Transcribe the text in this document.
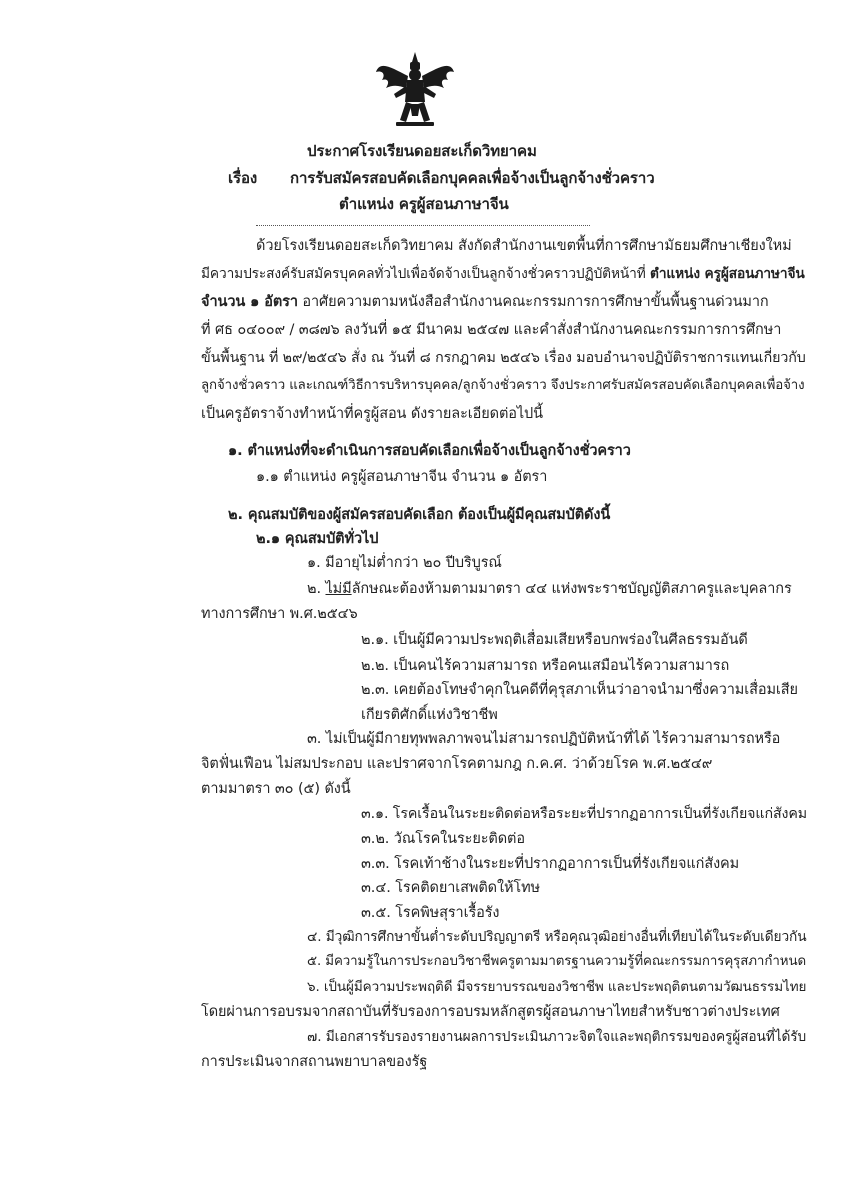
ประกาศโรงเรียนดอยสะเก็ดวิทยาคม
เรื่อง การรับสมัครสอบคัดเลือกบุคคลเพื่อจ้างเป็นลูกจ้างชั่วคราว
ตำแหน่ง ครูผู้สอนภาษาจีน
ด้วยโรงเรียนดอยสะเก็ดวิทยาคม สังกัดสำนักงานเขตพื้นที่การศึกษามัธยมศึกษาเชียงใหม่
มีความประสงค์รับสมัครบุคคลทั่วไปเพื่อจัดจ้างเป็นลูกจ้างชั่วคราวปฏิบัติหน้าที่ ตำแหน่ง ครูผู้สอนภาษาจีน
จำนวน ๑ อัตรา อาศัยความตามหนังสือสำนักงานคณะกรรมการการศึกษาขั้นพื้นฐานด่วนมาก
ที่ ศธ ๐๔๐๐๙ / ๓๘๗๖ ลงวันที่ ๑๕ มีนาคม ๒๕๔๗ และคำสั่งสำนักงานคณะกรรมการการศึกษา
ขั้นพื้นฐาน ที่ ๒๙/๒๕๔๖ สั่ง ณ วันที่ ๘ กรกฎาคม ๒๕๔๖ เรื่อง มอบอำนาจปฏิบัติราชการแทนเกี่ยวกับ
ลูกจ้างชั่วคราว และเกณฑ์วิธีการบริหารบุคคล/ลูกจ้างชั่วคราว จึงประกาศรับสมัครสอบคัดเลือกบุคคลเพื่อจ้าง
เป็นครูอัตราจ้างทำหน้าที่ครูผู้สอน ดังรายละเอียดต่อไปนี้
๑. ตำแหน่งที่จะดำเนินการสอบคัดเลือกเพื่อจ้างเป็นลูกจ้างชั่วคราว
๑.๑ ตำแหน่ง ครูผู้สอนภาษาจีน จำนวน ๑ อัตรา
๒. คุณสมบัติของผู้สมัครสอบคัดเลือก ต้องเป็นผู้มีคุณสมบัติดังนี้
๒.๑ คุณสมบัติทั่วไป
๑. มีอายุไม่ต่ำกว่า ๒๐ ปีบริบูรณ์
๒. ไม่มีลักษณะต้องห้ามตามมาตรา ๔๔ แห่งพระราชบัญญัติสภาครูและบุคลากร
ทางการศึกษา พ.ศ.๒๕๔๖
๒.๑. เป็นผู้มีความประพฤติเสื่อมเสียหรือบกพร่องในศีลธรรมอันดี
๒.๒. เป็นคนไร้ความสามารถ หรือคนเสมือนไร้ความสามารถ
๒.๓. เคยต้องโทษจำคุกในคดีที่คุรุสภาเห็นว่าอาจนำมาซึ่งความเสื่อมเสีย
เกียรติศักดิ์แห่งวิชาชีพ
๓. ไม่เป็นผู้มีกายทุพพลภาพจนไม่สามารถปฏิบัติหน้าที่ได้ ไร้ความสามารถหรือ
จิตฟั่นเฟือน ไม่สมประกอบ และปราศจากโรคตามกฎ ก.ค.ศ. ว่าด้วยโรค พ.ศ.๒๕๔๙
ตามมาตรา ๓๐ (๕) ดังนี้
๓.๑. โรคเรื้อนในระยะติดต่อหรือระยะที่ปรากฏอาการเป็นที่รังเกียจแก่สังคม
๓.๒. วัณโรคในระยะติดต่อ
๓.๓. โรคเท้าช้างในระยะที่ปรากฏอาการเป็นที่รังเกียจแก่สังคม
๓.๔. โรคติดยาเสพติดให้โทษ
๓.๕. โรคพิษสุราเรื้อรัง
๔. มีวุฒิการศึกษาขั้นต่ำระดับปริญญาตรี หรือคุณวุฒิอย่างอื่นที่เทียบได้ในระดับเดียวกัน
๕. มีความรู้ในการประกอบวิชาชีพครูตามมาตรฐานความรู้ที่คณะกรรมการคุรุสภากำหนด
๖. เป็นผู้มีความประพฤติดี มีจรรยาบรรณของวิชาชีพ และประพฤติตนตามวัฒนธรรมไทย
โดยผ่านการอบรมจากสถาบันที่รับรองการอบรมหลักสูตรผู้สอนภาษาไทยสำหรับชาวต่างประเทศ
๗. มีเอกสารรับรองรายงานผลการประเมินภาวะจิตใจและพฤติกรรมของครูผู้สอนที่ได้รับ
การประเมินจากสถานพยาบาลของรัฐ
